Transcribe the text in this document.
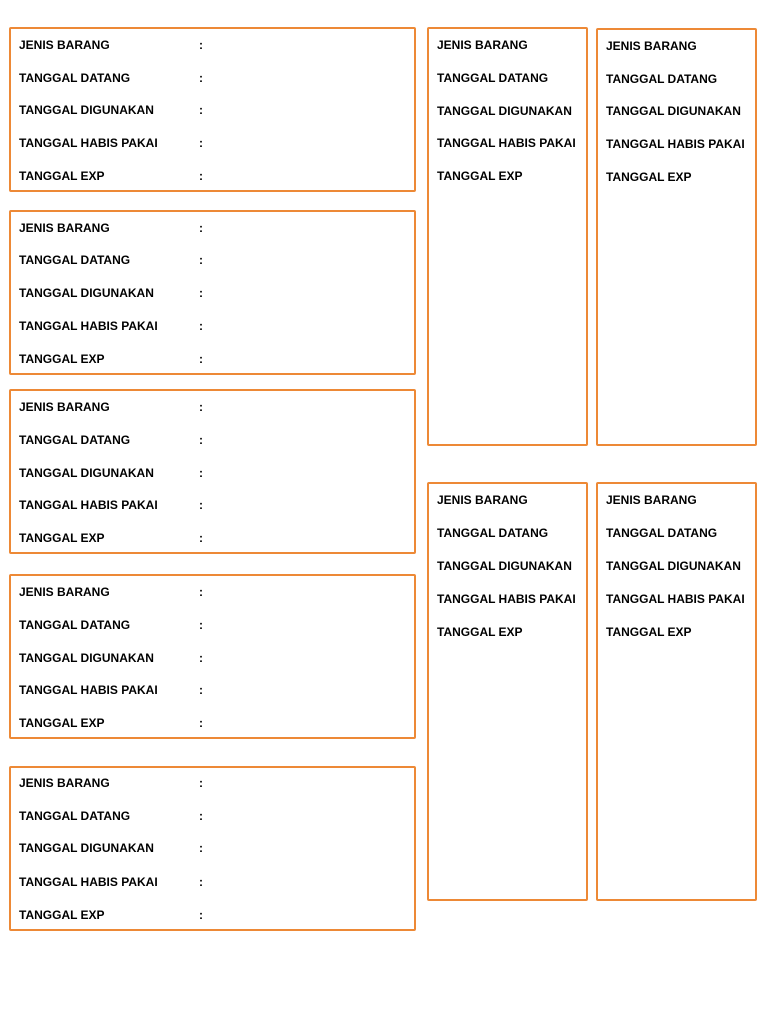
JENIS BARANG	:
TANGGAL DATANG	:
TANGGAL DIGUNAKAN	:
TANGGAL HABIS PAKAI	:
TANGGAL EXP	:
JENIS BARANG	:
TANGGAL DATANG	:
TANGGAL DIGUNAKAN	:
TANGGAL HABIS PAKAI	:
TANGGAL EXP	:
JENIS BARANG	:
TANGGAL DATANG	:
TANGGAL DIGUNAKAN	:
TANGGAL HABIS PAKAI	:
TANGGAL EXP	:
JENIS BARANG	:
TANGGAL DATANG	:
TANGGAL DIGUNAKAN	:
TANGGAL HABIS PAKAI	:
TANGGAL EXP	:
JENIS BARANG	:
TANGGAL DATANG	:
TANGGAL DIGUNAKAN	:
TANGGAL HABIS PAKAI	:
TANGGAL EXP	:
JENIS BARANG
TANGGAL DATANG
TANGGAL DIGUNAKAN
TANGGAL HABIS PAKAI
TANGGAL EXP
JENIS BARANG
TANGGAL DATANG
TANGGAL DIGUNAKAN
TANGGAL HABIS PAKAI
TANGGAL EXP
JENIS BARANG
TANGGAL DATANG
TANGGAL DIGUNAKAN
TANGGAL HABIS PAKAI
TANGGAL EXP
JENIS BARANG
TANGGAL DATANG
TANGGAL DIGUNAKAN
TANGGAL HABIS PAKAI
TANGGAL EXP
